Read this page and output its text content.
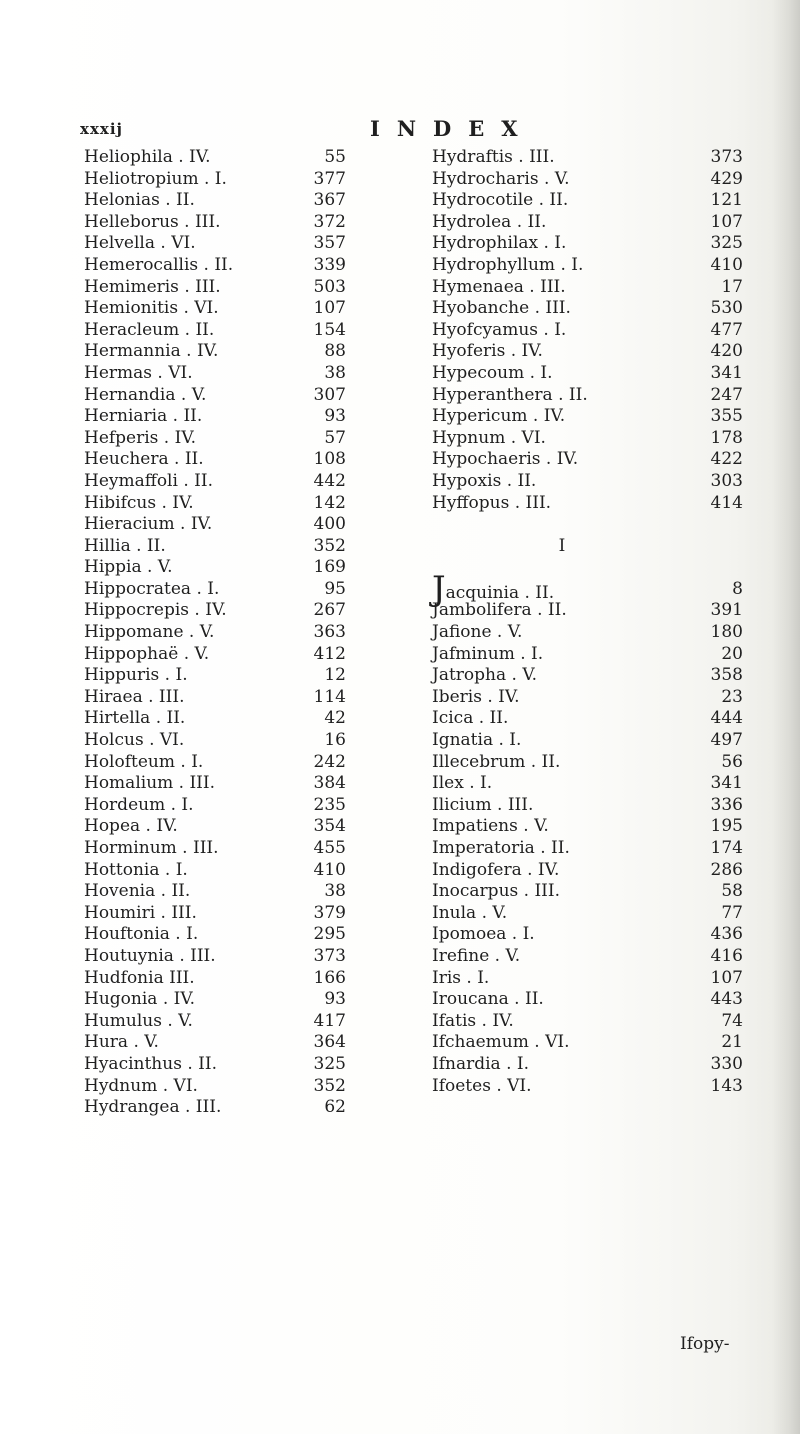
xxxij	INDEX
Heliophila . IV.	55
Heliotropium . I.	377
Helonias . II.	367
Helleborus . III.	372
Helvella . VI.	357
Hemerocallis . II.	339
Hemimeris . III.	503
Hemionitis . VI.	107
Heracleum . II.	154
Hermannia . IV.	88
Hermas . VI.	38
Hernandia . V.	307
Herniaria . II.	93
Hefperis . IV.	57
Heuchera . II.	108
Heymaffoli . II.	442
Hibifcus . IV.	142
Hieracium . IV.	400
Hillia . II.	352
Hippia . V.	169
Hippocratea . I.	95
Hippocrepis . IV.	267
Hippomane . V.	363
Hippophaë . V.	412
Hippuris . I.	12
Hiraea . III.	114
Hirtella . II.	42
Holcus . VI.	16
Holofteum . I.	242
Homalium . III.	384
Hordeum . I.	235
Hopea . IV.	354
Horminum . III.	455
Hottonia . I.	410
Hovenia . II.	38
Houmiri . III.	379
Houftonia . I.	295
Houtuynia . III.	373
Hudfonia III.	166
Hugonia . IV.	93
Humulus . V.	417
Hura . V.	364
Hyacinthus . II.	325
Hydnum . VI.	352
Hydrangea . III.	62
Hydraftis . III.	373
Hydrocharis . V.	429
Hydrocotile . II.	121
Hydrolea . II.	107
Hydrophilax . I.	325
Hydrophyllum . I.	410
Hymenaea . III.	17
Hyobanche . III.	530
Hyofcyamus . I.	477
Hyoferis . IV.	420
Hypecoum . I.	341
Hyperanthera . II.	247
Hypericum . IV.	355
Hypnum . VI.	178
Hypochaeris . IV.	422
Hypoxis . II.	303
Hyffopus . III.	414
I
Jacquinia . II.	8
Jambolifera . II.	391
Jafione . V.	180
Jafminum . I.	20
Jatropha . V.	358
Iberis . IV.	23
Icica . II.	444
Ignatia . I.	497
Illecebrum . II.	56
Ilex . I.	341
Ilicium . III.	336
Impatiens . V.	195
Imperatoria . II.	174
Indigofera . IV.	286
Inocarpus . III.	58
Inula . V.	77
Ipomoea . I.	436
Irefine . V.	416
Iris . I.	107
Iroucana . II.	443
Ifatis . IV.	74
Ifchaemum . VI.	21
Ifnardia . I.	330
Ifoetes . VI.	143
Ifopy-
